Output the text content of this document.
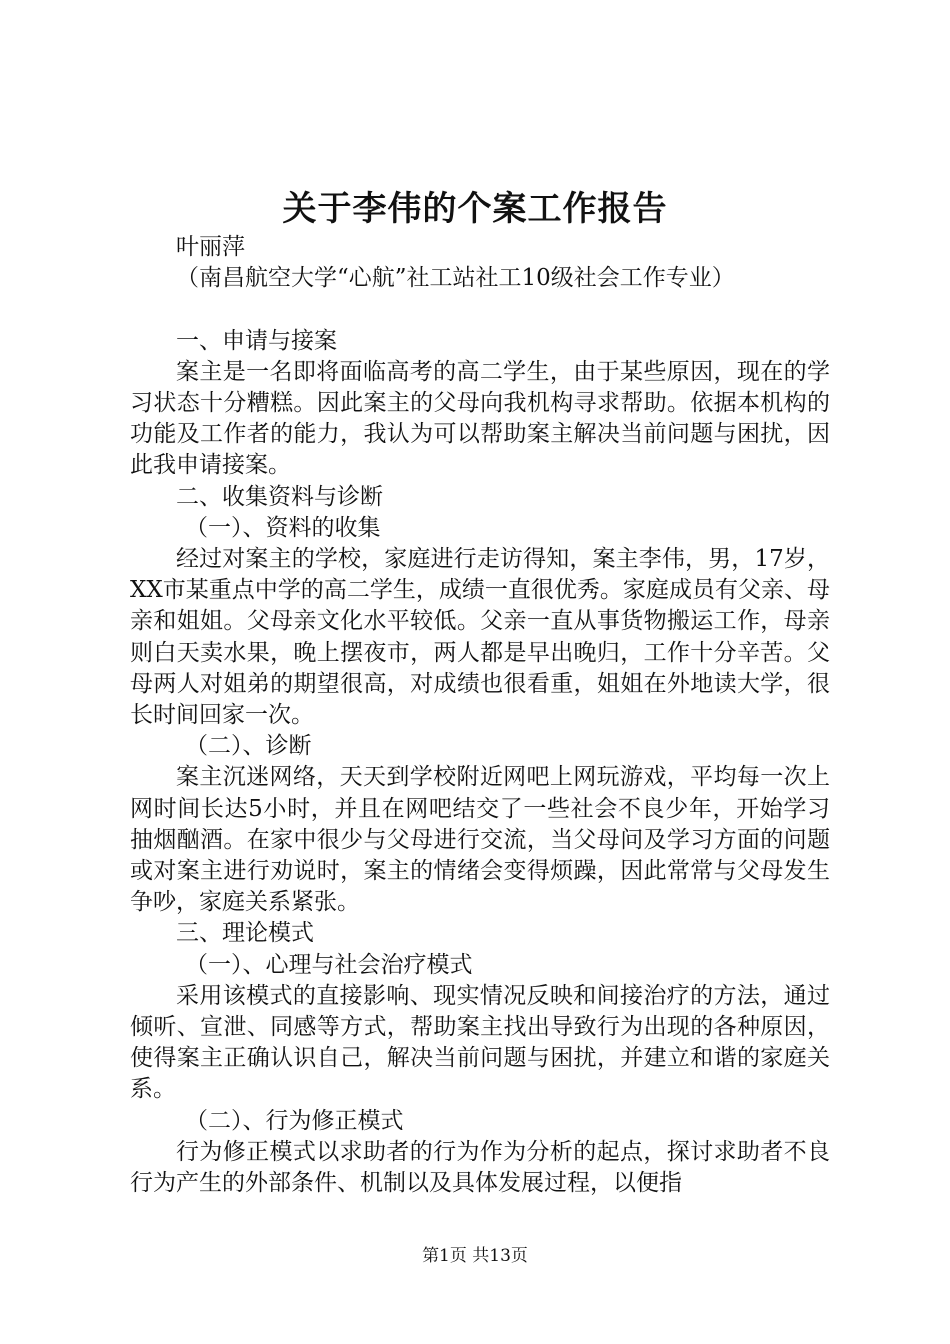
关于李伟的个案工作报告

叶丽萍

（南昌航空大学“心航”社工站社工10级社会工作专业）

一、申请与接案

案主是一名即将面临高考的高二学生，由于某些原因，现在的学习状态十分糟糕。因此案主的父母向我机构寻求帮助。依据本机构的功能及工作者的能力，我认为可以帮助案主解决当前问题与困扰，因此我申请接案。

二、收集资料与诊断

（一）、资料的收集

经过对案主的学校，家庭进行走访得知，案主李伟，男，17岁，XX市某重点中学的高二学生，成绩一直很优秀。家庭成员有父亲、母亲和姐姐。父母亲文化水平较低。父亲一直从事货物搬运工作，母亲则白天卖水果，晚上摆夜市，两人都是早出晚归，工作十分辛苦。父母两人对姐弟的期望很高，对成绩也很看重，姐姐在外地读大学，很长时间回家一次。

（二）、诊断

案主沉迷网络，天天到学校附近网吧上网玩游戏，平均每一次上网时间长达5小时，并且在网吧结交了一些社会不良少年，开始学习抽烟酗酒。在家中很少与父母进行交流，当父母问及学习方面的问题或对案主进行劝说时，案主的情绪会变得烦躁，因此常常与父母发生争吵，家庭关系紧张。

三、理论模式

（一）、心理与社会治疗模式

采用该模式的直接影响、现实情况反映和间接治疗的方法，通过倾听、宣泄、同感等方式，帮助案主找出导致行为出现的各种原因，使得案主正确认识自己，解决当前问题与困扰，并建立和谐的家庭关系。

（二）、行为修正模式

行为修正模式以求助者的行为作为分析的起点，探讨求助者不良行为产生的外部条件、机制以及具体发展过程，以便指

第1页 共13页
